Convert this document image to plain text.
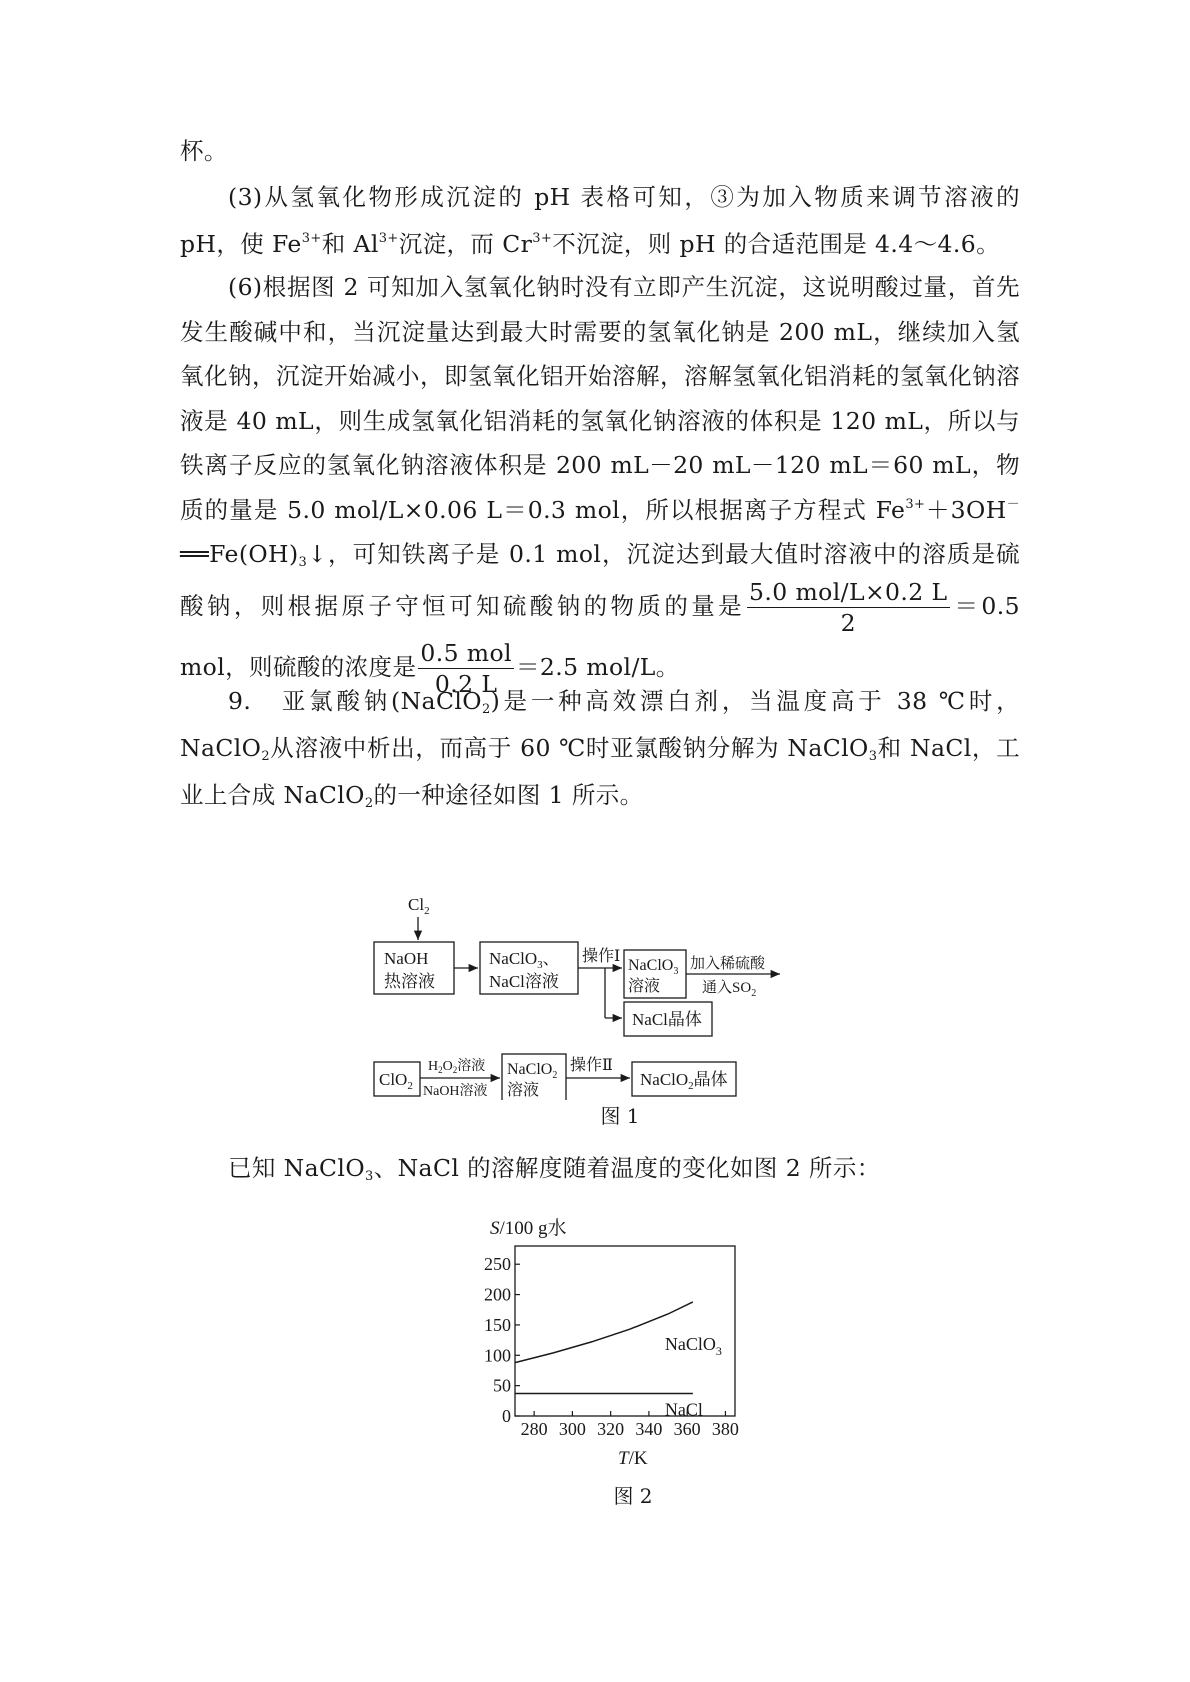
杯。
(3)从氢氧化物形成沉淀的 pH 表格可知，③为加入物质来调节溶液的 pH，使 $Fe^{3+}$和 $Al^{3+}$沉淀，而 $Cr^{3+}$不沉淀，则 pH 的合适范围是 4.4～4.6。
(6)根据图 2 可知加入氢氧化钠时没有立即产生沉淀，这说明酸过量，首先发生酸碱中和，当沉淀量达到最大时需要的氢氧化钠是 200 mL，继续加入氢氧化钠，沉淀开始减小，即氢氧化铝开始溶解，溶解氢氧化铝消耗的氢氧化钠溶液是 40 mL，则生成氢氧化铝消耗的氢氧化钠溶液的体积是 120 mL，所以与铁离子反应的氢氧化钠溶液体积是 200 mL－20 mL－120 mL＝60 mL，物质的量是 5.0 mol/L×0.06 L＝0.3 mol，所以根据离子方程式 $Fe^{3+}+3OH^-══Fe(OH)_3↓$，可知铁离子是 0.1 mol，沉淀达到最大值时溶液中的溶质是硫酸钠，则根据原子守恒可知硫酸钠的物质的量是 $\frac{\text{5.0 mol/L×0.2 L}}{2} =0.5$ mol，则硫酸的浓度是 $\frac{\text{0.5 mol}}{0.2 L} =2.5$ mol/L。
9.　亚氯酸钠(NaClO$_2$)是一种高效漂白剂，当温度高于 38 ℃时，NaClO$_2$从溶液中析出，而高于 60 ℃时亚氯酸钠分解为 NaClO$_3$和 NaCl，工业上合成 NaClO$_2$的一种途径如图 1 所示。
$Cl_2$
NaOH
热溶液
NaClO$_3$、
NaCl溶液
操作Ⅰ
NaClO$_3$
溶液
加入稀硫酸
通入$SO_2$
NaCl晶体
ClO$_2$
$H_2O_2$溶液
NaOH溶液
NaClO$_2$
溶液
操作Ⅱ
NaClO$_2$晶体
图 1
已知 NaClO$_3$、NaCl 的溶解度随着温度的变化如图 2 所示：
S/100 g水
T/K
0
50
100
150
200
250
280 300 320 340 360 380
NaClO$_3$
NaCl
图 2
